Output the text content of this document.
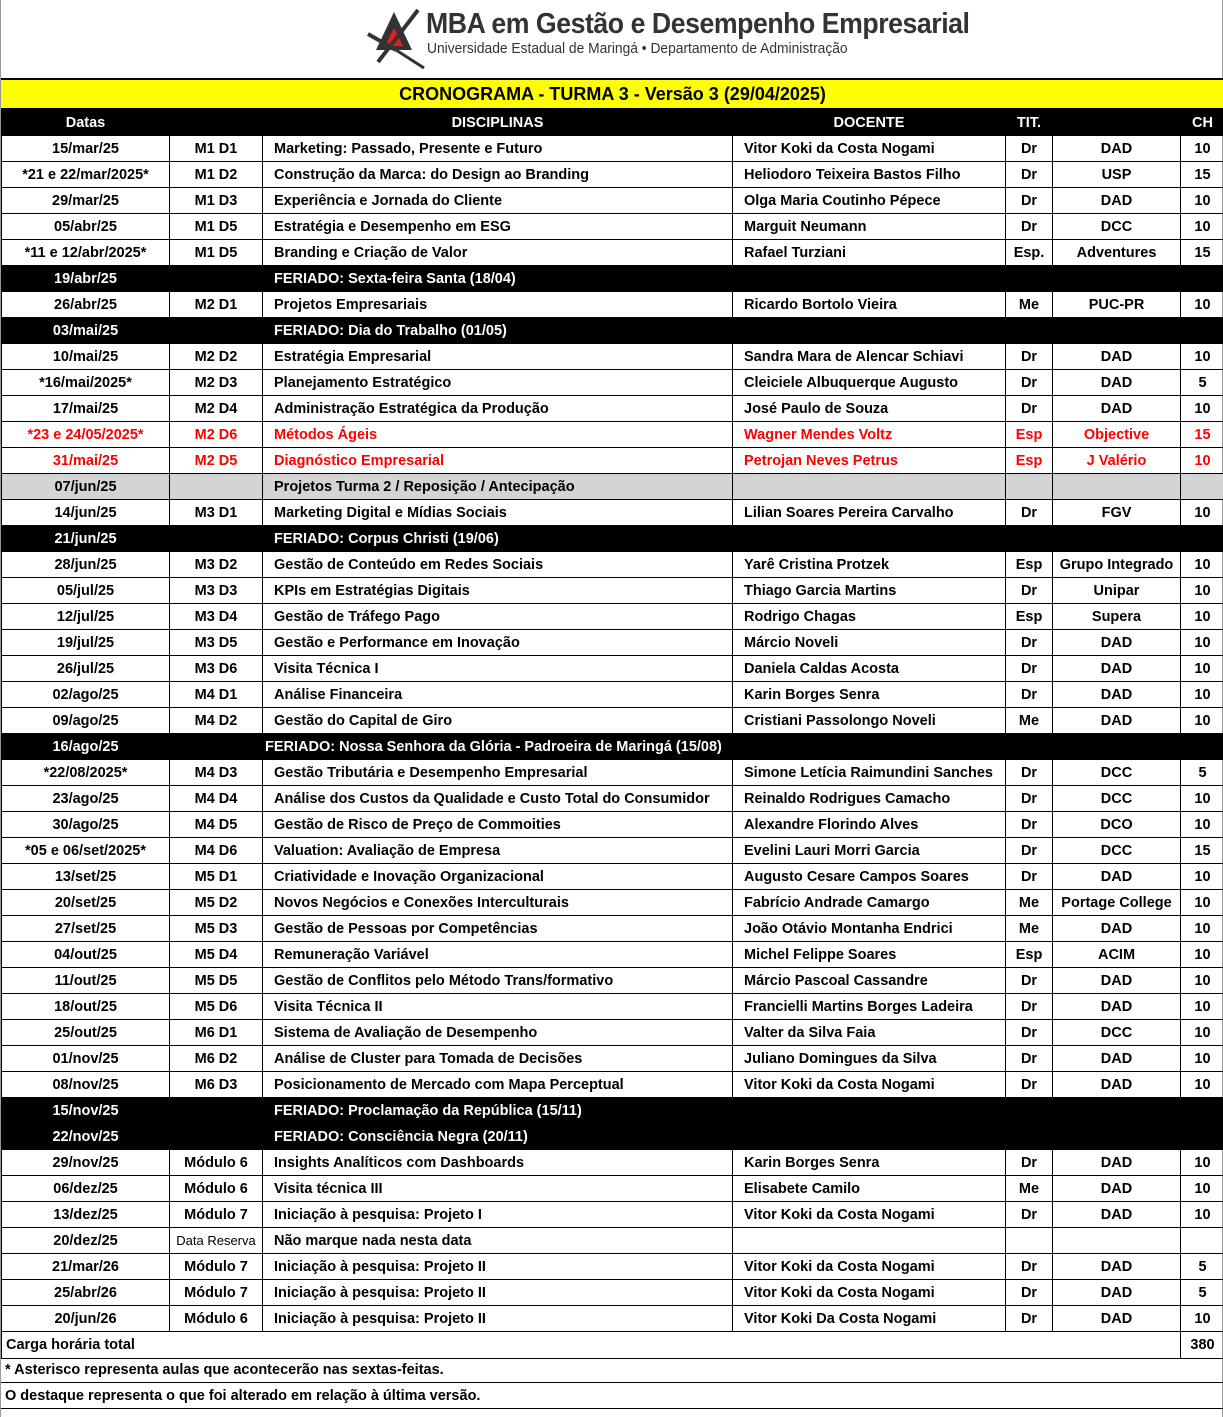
MBA em Gestão e Desempenho Empresarial
Universidade Estadual de Maringá • Departamento de Administração
CRONOGRAMA - TURMA 3 - Versão 3 (29/04/2025)
Datas		DISCIPLINAS	DOCENTE	TIT.		CH
15/mar/25	M1 D1	Marketing: Passado, Presente e Futuro	Vitor Koki da Costa Nogami	Dr	DAD	10
*21 e 22/mar/2025*	M1 D2	Construção da Marca: do Design ao Branding	Heliodoro Teixeira Bastos Filho	Dr	USP	15
29/mar/25	M1 D3	Experiência e Jornada do Cliente	Olga Maria Coutinho Pépece	Dr	DAD	10
05/abr/25	M1 D5	Estratégia e Desempenho em ESG	Marguit Neumann	Dr	DCC	10
*11 e 12/abr/2025*	M1 D5	Branding e Criação de Valor	Rafael Turziani	Esp.	Adventures	15
19/abr/25		FERIADO: Sexta-feira Santa (18/04)				
26/abr/25	M2 D1	Projetos Empresariais	Ricardo Bortolo Vieira	Me	PUC-PR	10
03/mai/25		FERIADO: Dia do Trabalho (01/05)				
10/mai/25	M2 D2	Estratégia Empresarial	Sandra Mara de Alencar Schiavi	Dr	DAD	10
*16/mai/2025*	M2 D3	Planejamento Estratégico	Cleiciele Albuquerque Augusto	Dr	DAD	5
17/mai/25	M2 D4	Administração Estratégica da Produção	José Paulo de Souza	Dr	DAD	10
*23 e 24/05/2025*	M2 D6	Métodos Ágeis	Wagner Mendes Voltz	Esp	Objective	15
31/mai/25	M2 D5	Diagnóstico Empresarial	Petrojan Neves Petrus	Esp	J Valério	10
07/jun/25		Projetos Turma 2 / Reposição / Antecipação				
14/jun/25	M3 D1	Marketing Digital e Mídias Sociais	Lilian Soares Pereira Carvalho	Dr	FGV	10
21/jun/25		FERIADO: Corpus Christi (19/06)				
28/jun/25	M3 D2	Gestão de Conteúdo em Redes Sociais	Yarê Cristina Protzek	Esp	Grupo Integrado	10
05/jul/25	M3 D3	KPIs em Estratégias Digitais	Thiago Garcia Martins	Dr	Unipar	10
12/jul/25	M3 D4	Gestão de Tráfego Pago	Rodrigo Chagas	Esp	Supera	10
19/jul/25	M3 D5	Gestão e Performance em Inovação	Márcio Noveli	Dr	DAD	10
26/jul/25	M3 D6	Visita Técnica I	Daniela Caldas Acosta	Dr	DAD	10
02/ago/25	M4 D1	Análise Financeira	Karin Borges Senra	Dr	DAD	10
09/ago/25	M4 D2	Gestão do Capital de Giro	Cristiani Passolongo Noveli	Me	DAD	10
16/ago/25		FERIADO: Nossa Senhora da Glória - Padroeira de Maringá (15/08)				
*22/08/2025*	M4 D3	Gestão Tributária e Desempenho Empresarial	Simone Letícia Raimundini Sanches	Dr	DCC	5
23/ago/25	M4 D4	Análise dos Custos da Qualidade e Custo Total do Consumidor	Reinaldo Rodrigues Camacho	Dr	DCC	10
30/ago/25	M4 D5	Gestão de Risco de Preço de Commoities	Alexandre Florindo Alves	Dr	DCO	10
*05 e 06/set/2025*	M4 D6	Valuation: Avaliação de Empresa	Evelini Lauri Morri Garcia	Dr	DCC	15
13/set/25	M5 D1	Criatividade e Inovação Organizacional	Augusto Cesare Campos Soares	Dr	DAD	10
20/set/25	M5 D2	Novos Negócios e Conexões Interculturais	Fabrício Andrade Camargo	Me	Portage College	10
27/set/25	M5 D3	Gestão de Pessoas por Competências	João Otávio Montanha Endrici	Me	DAD	10
04/out/25	M5 D4	Remuneração Variável	Michel Felippe Soares	Esp	ACIM	10
11/out/25	M5 D5	Gestão de Conflitos pelo Método Trans/formativo	Márcio Pascoal Cassandre	Dr	DAD	10
18/out/25	M5 D6	Visita Técnica II	Francielli Martins Borges Ladeira	Dr	DAD	10
25/out/25	M6 D1	Sistema de Avaliação de Desempenho	Valter da Silva Faia	Dr	DCC	10
01/nov/25	M6 D2	Análise de Cluster para Tomada de Decisões	Juliano Domingues da Silva	Dr	DAD	10
08/nov/25	M6 D3	Posicionamento de Mercado com Mapa Perceptual	Vitor Koki da Costa Nogami	Dr	DAD	10
15/nov/25		FERIADO: Proclamação da República (15/11)				
22/nov/25		FERIADO: Consciência Negra (20/11)				
29/nov/25	Módulo 6	Insights Analíticos com Dashboards	Karin Borges Senra	Dr	DAD	10
06/dez/25	Módulo 6	Visita técnica III	Elisabete Camilo	Me	DAD	10
13/dez/25	Módulo 7	Iniciação à pesquisa: Projeto I	Vitor Koki da Costa Nogami	Dr	DAD	10
20/dez/25	Data Reserva	Não marque nada nesta data				
21/mar/26	Módulo 7	Iniciação à pesquisa: Projeto II	Vitor Koki da Costa Nogami	Dr	DAD	5
25/abr/26	Módulo 7	Iniciação à pesquisa: Projeto II	Vitor Koki da Costa Nogami	Dr	DAD	5
20/jun/26	Módulo 6	Iniciação à pesquisa: Projeto II	Vitor Koki Da Costa Nogami	Dr	DAD	10
Carga horária total						380
* Asterisco representa aulas que acontecerão nas sextas-feitas.
O destaque representa o que foi alterado em relação à última versão.
